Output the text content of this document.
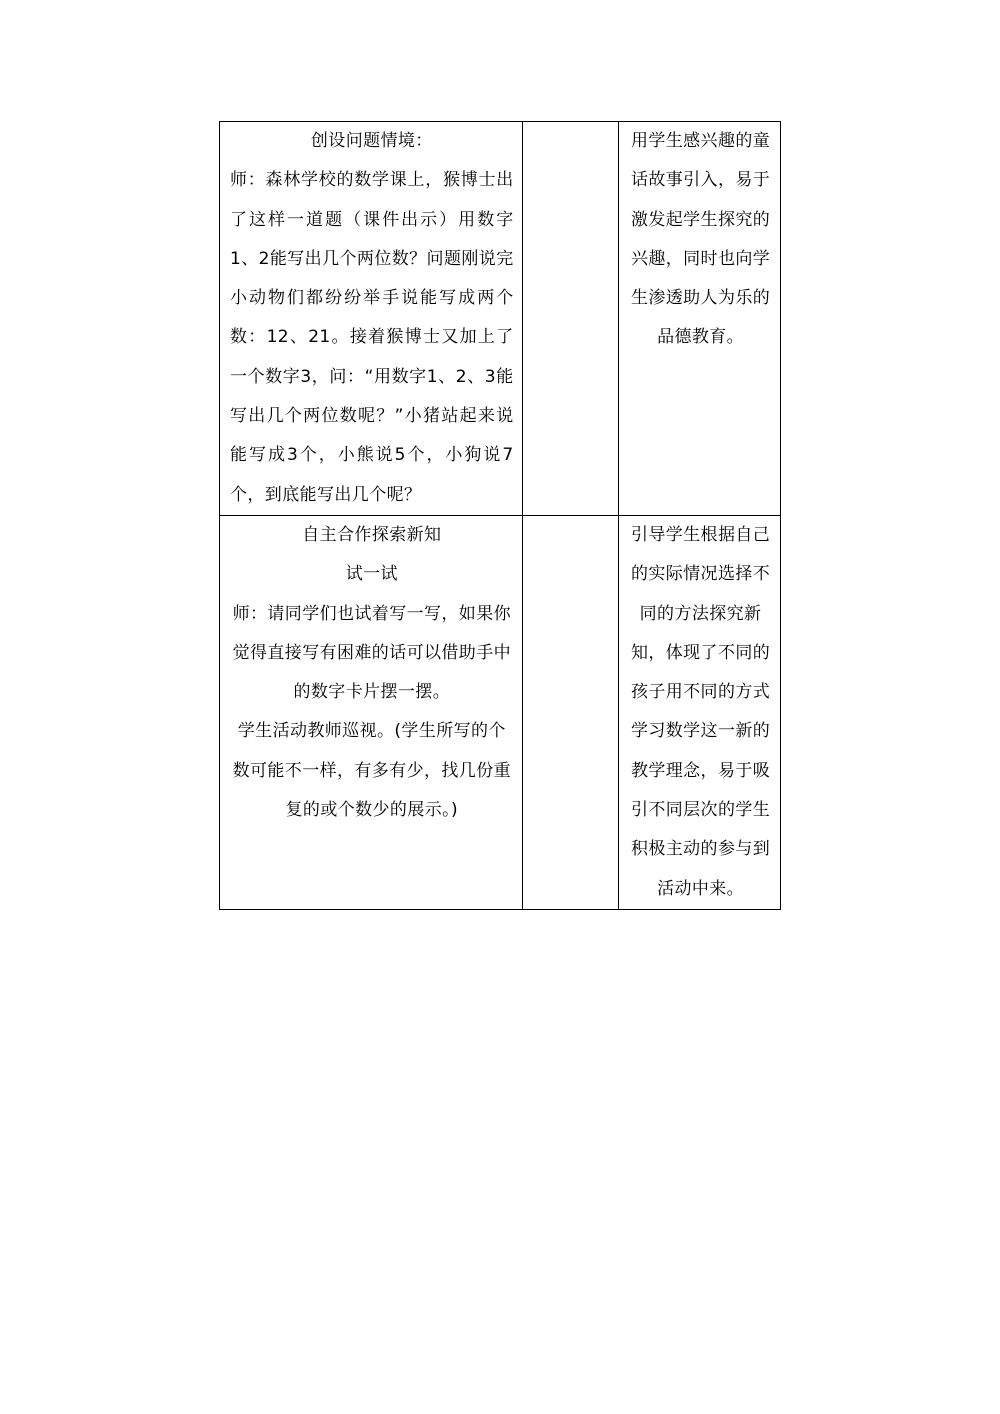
创设问题情境：
师：森林学校的数学课上，猴博士出了这样一道题（课件出示）用数字1、2能写出几个两位数？问题刚说完小动物们都纷纷举手说能写成两个数：12、21。接着猴博士又加上了一个数字3，问：“用数字1、2、3能写出几个两位数呢？”小猪站起来说能写成3个，小熊说5个，小狗说7个，到底能写出几个呢？		用学生感兴趣的童话故事引入，易于激发起学生探究的兴趣，同时也向学生渗透助人为乐的品德教育。

自主合作探索新知
试一试
师：请同学们也试着写一写，如果你觉得直接写有困难的话可以借助手中的数字卡片摆一摆。
学生活动教师巡视。(学生所写的个数可能不一样，有多有少，找几份重复的或个数少的展示。)		引导学生根据自己的实际情况选择不同的方法探究新知，体现了不同的孩子用不同的方式学习数学这一新的教学理念，易于吸引不同层次的学生积极主动的参与到活动中来。
